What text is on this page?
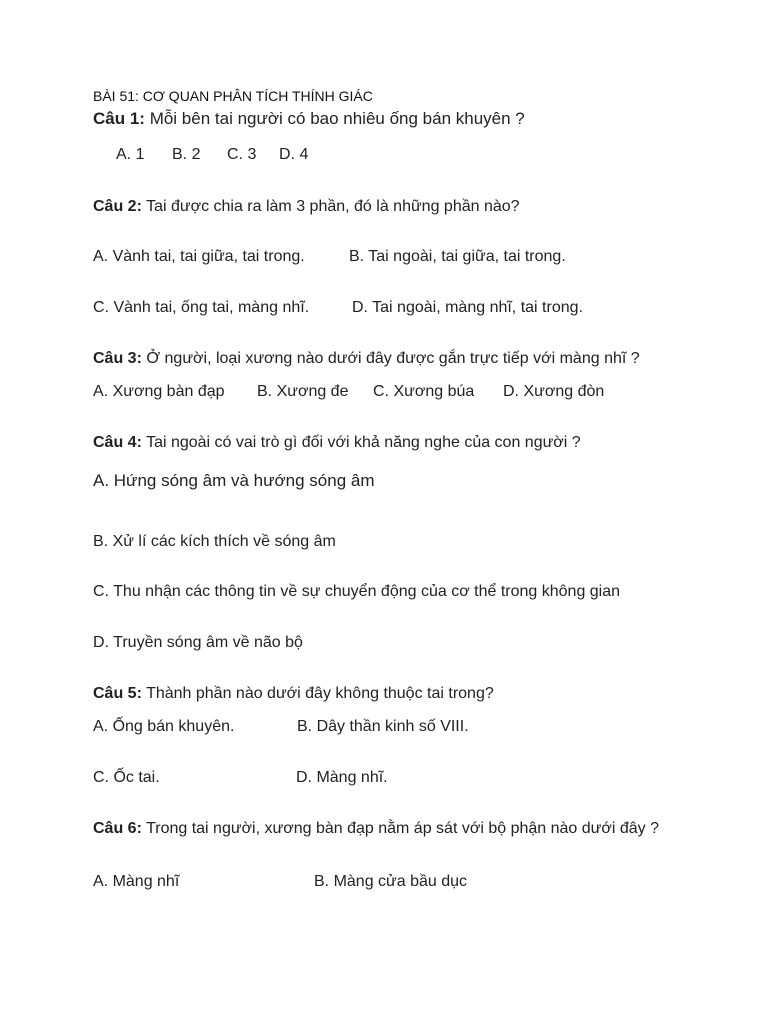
BÀI 51: CƠ QUAN PHÂN TÍCH THÍNH GIÁC

Câu 1: Mỗi bên tai người có bao nhiêu ống bán khuyên ?

A. 1 B. 2 C. 3 D. 4

Câu 2: Tai được chia ra làm 3 phần, đó là những phần nào?

A. Vành tai, tai giữa, tai trong.	B. Tai ngoài, tai giữa, tai trong.
C. Vành tai, ống tai, màng nhĩ.	D. Tai ngoài, màng nhĩ, tai trong.

Câu 3: Ở người, loại xương nào dưới đây được gắn trực tiếp với màng nhĩ ?

A. Xương bàn đạp B. Xương đe C. Xương búa D. Xương đòn

Câu 4: Tai ngoài có vai trò gì đối với khả năng nghe của con người ?

A. Hứng sóng âm và hướng sóng âm
B. Xử lí các kích thích về sóng âm
C. Thu nhận các thông tin về sự chuyển động của cơ thể trong không gian
D. Truyền sóng âm về não bộ

Câu 5: Thành phần nào dưới đây không thuộc tai trong?

A. Ống bán khuyên.	B. Dây thần kinh số VIII.
C. Ốc tai.	D. Màng nhĩ.

Câu 6: Trong tai người, xương bàn đạp nằm áp sát với bộ phận nào dưới đây ?

A. Màng nhĩ	B. Màng cửa bầu dục
